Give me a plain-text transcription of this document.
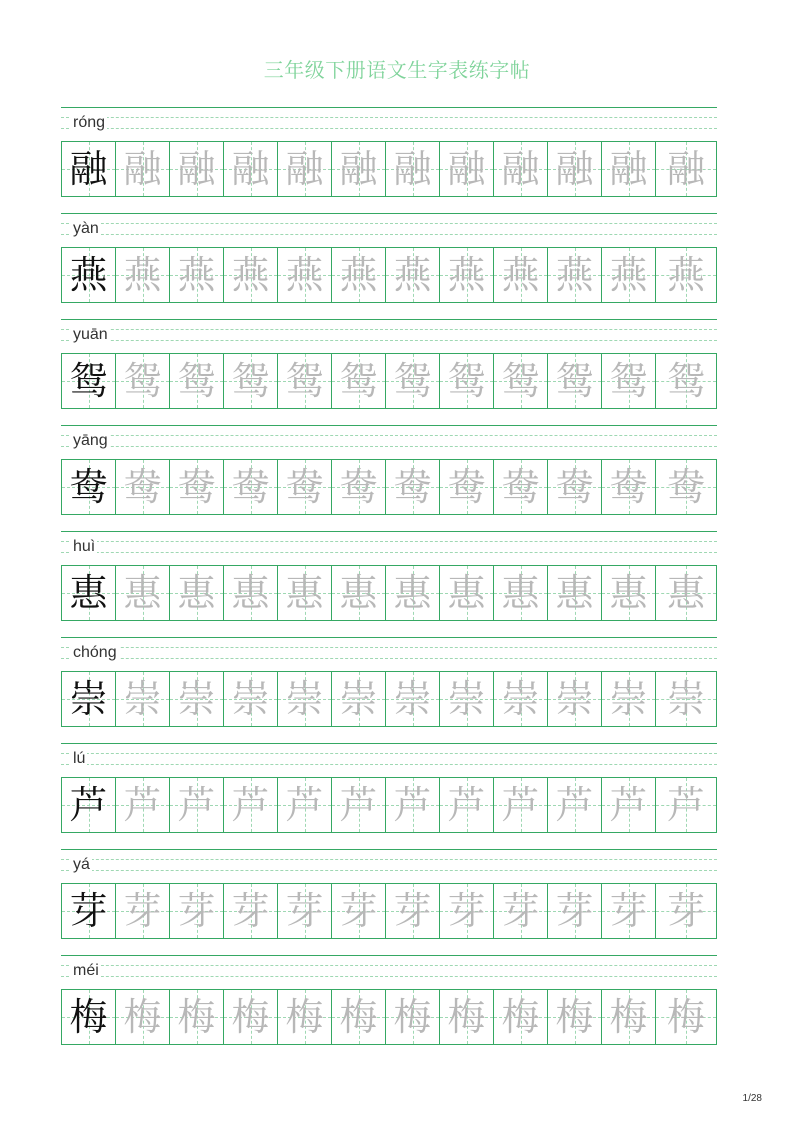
三年级下册语文生字表练字帖
róng
融 融 融 融 融 融 融 融 融 融 融 融
yàn
燕 燕 燕 燕 燕 燕 燕 燕 燕 燕 燕 燕
yuān
鸳 鸳 鸳 鸳 鸳 鸳 鸳 鸳 鸳 鸳 鸳 鸳
yāng
鸯 鸯 鸯 鸯 鸯 鸯 鸯 鸯 鸯 鸯 鸯 鸯
huì
惠 惠 惠 惠 惠 惠 惠 惠 惠 惠 惠 惠
chóng
崇 崇 崇 崇 崇 崇 崇 崇 崇 崇 崇 崇
lú
芦 芦 芦 芦 芦 芦 芦 芦 芦 芦 芦 芦
yá
芽 芽 芽 芽 芽 芽 芽 芽 芽 芽 芽 芽
méi
梅 梅 梅 梅 梅 梅 梅 梅 梅 梅 梅 梅
1/28
